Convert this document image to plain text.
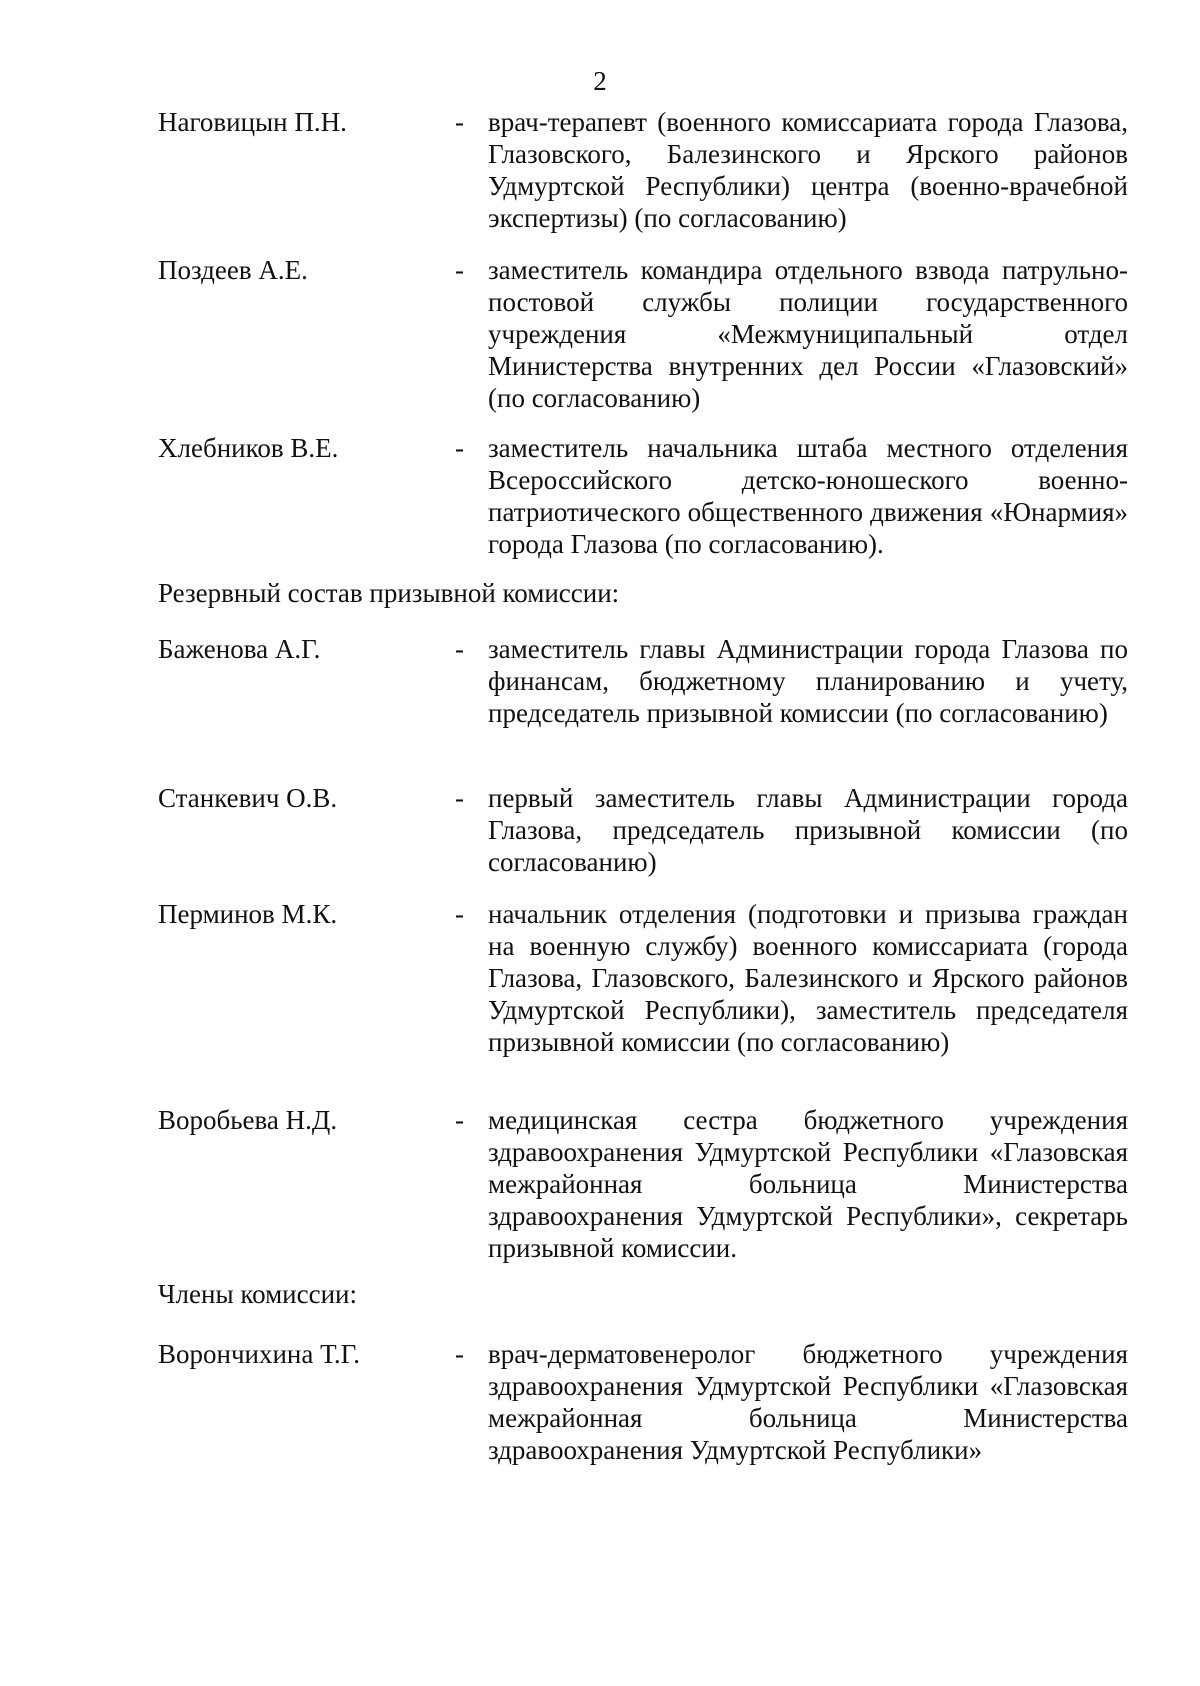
2
Наговицын П.Н.	- врач-терапевт (военного комиссариата города Глазова, Глазовского, Балезинского и Ярского районов Удмуртской Республики) центра (военно-врачебной экспертизы) (по согласованию)
Поздеев А.Е.	- заместитель командира отдельного взвода патрульно-постовой службы полиции государственного учреждения «Межмуниципальный отдел Министерства внутренних дел России «Глазовский» (по согласованию)
Хлебников В.Е.	- заместитель начальника штаба местного отделения Всероссийского детско-юношеского военно-патриотического общественного движения «Юнармия» города Глазова (по согласованию).
Резервный состав призывной комиссии:
Баженова А.Г.	- заместитель главы Администрации города Глазова по финансам, бюджетному планированию и учету, председатель призывной комиссии (по согласованию)
Станкевич О.В.	- первый заместитель главы Администрации города Глазова, председатель призывной комиссии (по согласованию)
Перминов М.К.	- начальник отделения (подготовки и призыва граждан на военную службу) военного комиссариата (города Глазова, Глазовского, Балезинского и Ярского районов Удмуртской Республики), заместитель председателя призывной комиссии (по согласованию)
Воробьева Н.Д.	- медицинская сестра бюджетного учреждения здравоохранения Удмуртской Республики «Глазовская межрайонная больница Министерства здравоохранения Удмуртской Республики», секретарь призывной комиссии.
Члены комиссии:
Ворончихина Т.Г.	- врач-дерматовенеролог бюджетного учреждения здравоохранения Удмуртской Республики «Глазовская межрайонная больница Министерства здравоохранения Удмуртской Республики»
